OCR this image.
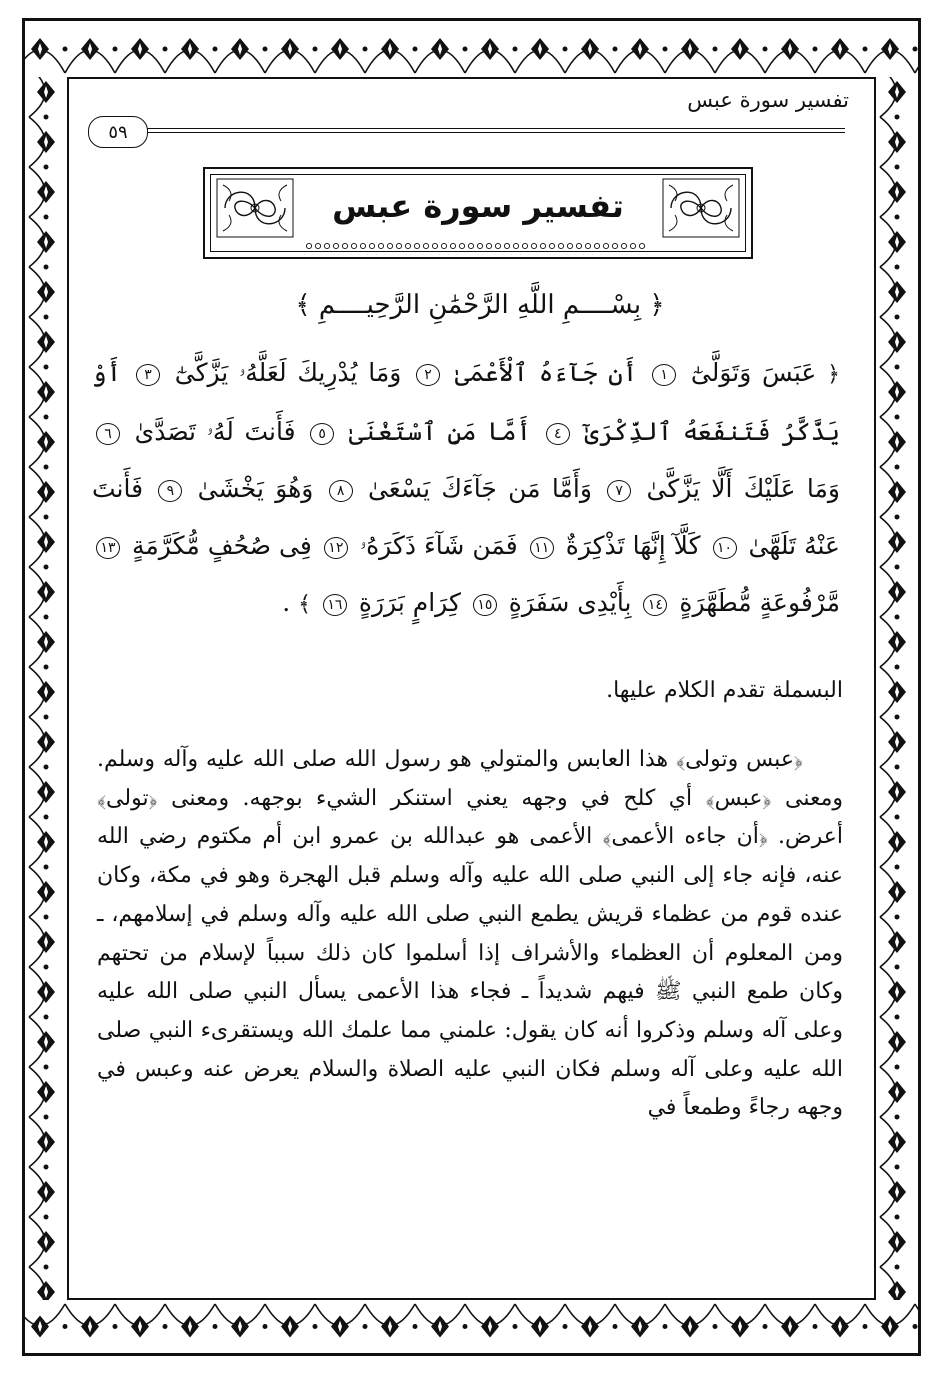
تفسير سورة عبس
٥٩
تفسير سورة عبس
﴿ بِسْــــمِ اللَّهِ الرَّحْمَٰنِ الرَّحِيــــمِ ﴾
﴿ عَبَسَ وَتَوَلَّىٰٓ ١ أَن جَآءَهُ ٱلْأَعْمَىٰ ٢ وَمَا يُدْرِيكَ لَعَلَّهُۥ يَزَّكَّىٰٓ ٣ أَوْ يَذَّكَّرُ فَتَنفَعَهُ ٱلذِّكْرَىٰٓ ٤ أَمَّا مَنِ ٱسْتَغْنَىٰ ٥ فَأَنتَ لَهُۥ تَصَدَّىٰ ٦ وَمَا عَلَيْكَ أَلَّا يَزَّكَّىٰ ٧ وَأَمَّا مَن جَآءَكَ يَسْعَىٰ ٨ وَهُوَ يَخْشَىٰ ٩ فَأَنتَ عَنْهُ تَلَهَّىٰ ١٠ كَلَّآ إِنَّهَا تَذْكِرَةٌ ١١ فَمَن شَآءَ ذَكَرَهُۥ ١٢ فِى صُحُفٍ مُّكَرَّمَةٍ ١٣ مَّرْفُوعَةٍ مُّطَهَّرَةٍ ١٤ بِأَيْدِى سَفَرَةٍ ١٥ كِرَامٍ بَرَرَةٍ ١٦ ﴾ .
البسملة تقدم الكلام عليها.
﴿عبس وتولى﴾ هذا العابس والمتولي هو رسول الله صلى الله عليه وآله وسلم. ومعنى ﴿عبس﴾ أي كلح في وجهه يعني استنكر الشيء بوجهه. ومعنى ﴿تولى﴾ أعرض. ﴿أن جاءه الأعمى﴾ الأعمى هو عبدالله بن عمرو ابن أم مكتوم رضي الله عنه، فإنه جاء إلى النبي صلى الله عليه وآله وسلم قبل الهجرة وهو في مكة، وكان عنده قوم من عظماء قريش يطمع النبي صلى الله عليه وآله وسلم في إسلامهم، ـ ومن المعلوم أن العظماء والأشراف إذا أسلموا كان ذلك سبباً لإسلام من تحتهم وكان طمع النبي ﷺ فيهم شديداً ـ فجاء هذا الأعمى يسأل النبي صلى الله عليه وعلى آله وسلم وذكروا أنه كان يقول: علمني مما علمك الله ويستقرىء النبي صلى الله عليه وعلى آله وسلم فكان النبي عليه الصلاة والسلام يعرض عنه وعبس في وجهه رجاءً وطمعاً في
